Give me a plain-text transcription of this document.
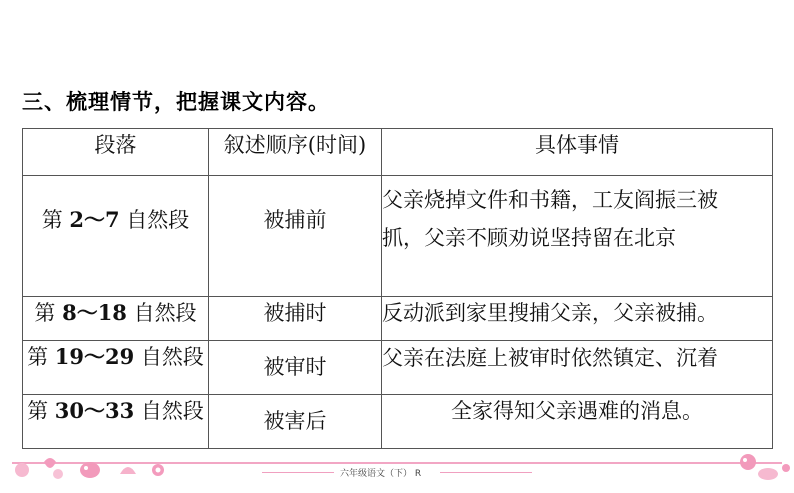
三、梳理情节，把握课文内容。
段落	叙述顺序(时间)	具体事情
第 2～7 自然段	被捕前	父亲烧掉文件和书籍，工友阎振三被
抓，父亲不顾劝说坚持留在北京

第 8～18 自然段	被捕时	反动派到家里搜捕父亲，父亲被捕。
第 19～29 自然段	被审时	父亲在法庭上被审时依然镇定、沉着
第 30～33 自然段	被害后	全家得知父亲遇难的消息。
六年级语文（下） R
